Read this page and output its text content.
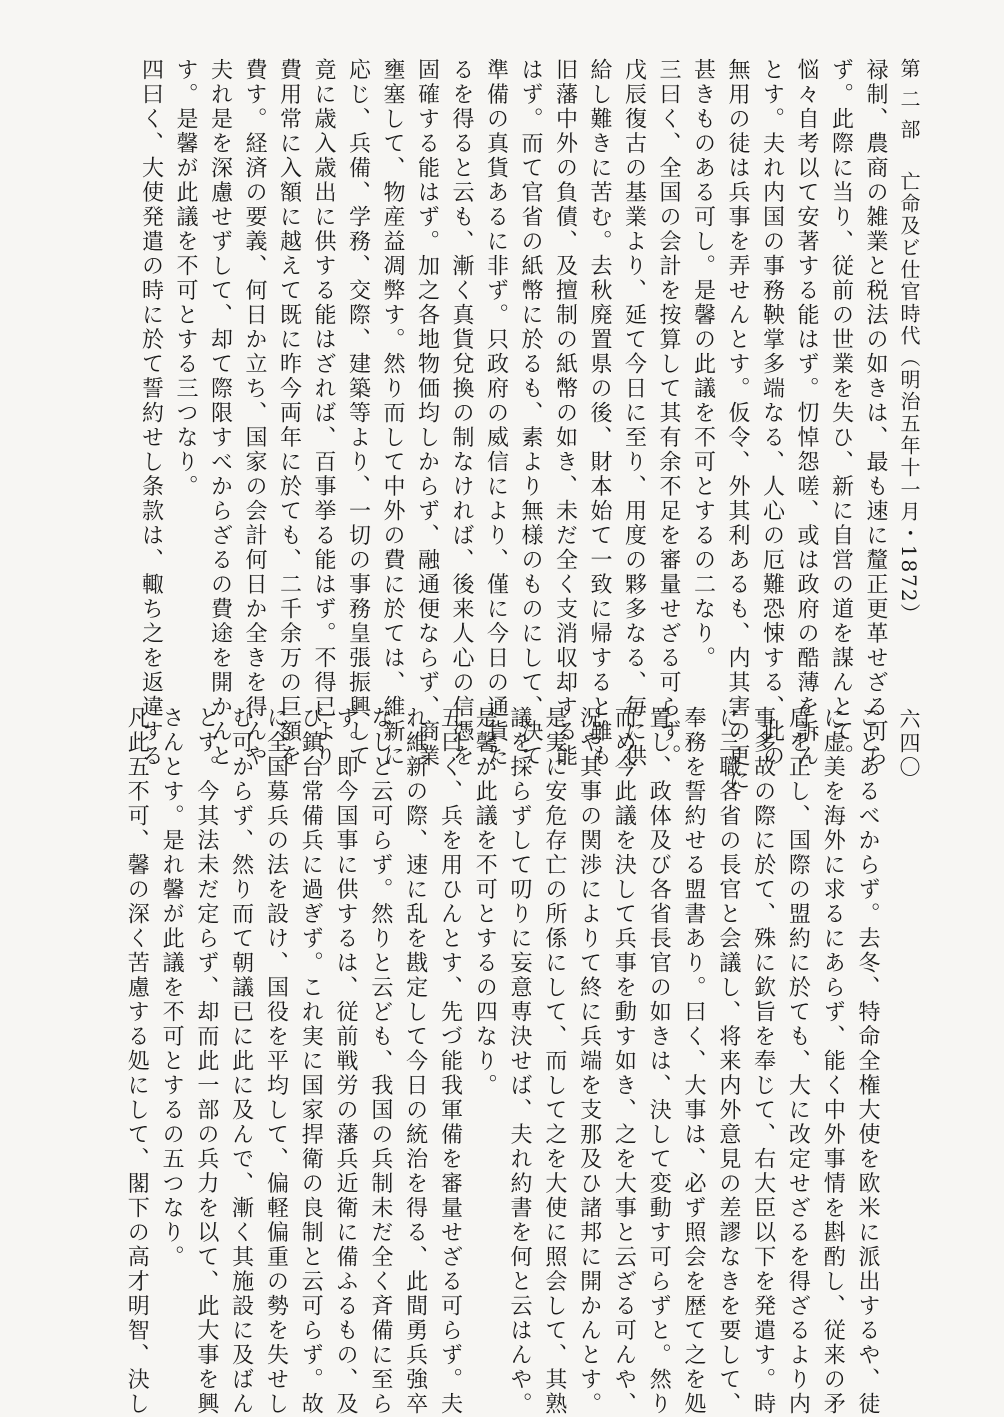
第 二 部亡命及ビ仕官時代（明治五年十一月・1872）
禄制、農商の雑業と税法の如きは、最も速に釐正更革せざる可ら
ず。此際に当り、従前の世業を失ひ、新に自営の道を謀んとて。
悩々自考以て安著する能はず。忉悼怨嗟、或は政府の酷薄を訴ん
とす。夫れ内国の事務鞅掌多端なる、人心の厄難恐悚する、此の
無用の徒は兵事を弄せんとす。仮令、外其利あるも、内其害の更に
甚きものある可し。是馨の此議を不可とするの二なり。
三曰く、全国の会計を按算して其有余不足を審量せざる可らず。
戊辰復古の基業より、延て今日に至り、用度の夥多なる、毎に供
給し難きに苦む。去秋廃置県の後、財本始て一致に帰すると雖も
旧藩中外の負債、及擅制の紙幣の如き、未だ全く支消収却する能
はず。而て官省の紙幣に於るも、素より無様のものにして、決て
準備の真貨あるに非ず。只政府の威信により、僅に今日の通貨た
るを得ると云も、漸く真貨兌換の制なければ、後来人心の信憑を
固確する能はず。加之各地物価均しからず、融通便ならず、商業
壅塞して、物産益凋弊す。然り而して中外の費に於ては、維新に
応じ、兵備、学務、交際、建築等より、一切の事務皇張振興して
竟に歳入歳出に供する能はざれば、百事挙る能はず。不得已より
費用常に入額に越えて既に昨今両年に於ても、二千余万の巨額を
費す。経済の要義、何日か立ち、国家の会計何日か全きを得んや
夫れ是を深慮せずして、却て際限すべからざるの費途を開かんと
す。是馨が此議を不可とする三つなり。
四曰く、大使発遣の時に於て誓約せし条款は、輙ち之を返違する	六四〇
ことあるべからず。去冬、特命全権大使を欧米に派出するや、徒
に虚美を海外に求るにあらず、能く中外事情を斟酌し、従来の矛
盾を正し、国際の盟約に於ても、大に改定せざるを得ざるより内
事多故の際に於て、殊に欽旨を奉じて、右大臣以下を発遣す。時
に三職各省の長官と会議し、将来内外意見の差謬なきを要して、
奉務を誓約せる盟書あり。曰く、大事は、必ず照会を歴て之を処
置し、政体及び各省長官の如きは、決して変動す可らずと。然り
而め今此議を決して兵事を動す如き、之を大事と云ざる可んや、
況や其事の関渉によりて終に兵端を支那及ひ諸邦に開かんとす。
是実に安危存亡の所係にして、而して之を大使に照会して、其熟
議を採らずして叨りに妄意専決せば、夫れ約書を何と云はんや。
是馨が此議を不可とするの四なり。
五曰く、兵を用ひんとす、先づ能我軍備を審量せざる可らず。夫
れ維新の際、速に乱を戡定して今日の統治を得る、此間勇兵強卒
なしと云可らず。然りと云ども、我国の兵制未だ全く斉備に至ら
ず。即今国事に供するは、従前戦労の藩兵近衛に備ふるもの、及
び鎮台常備兵に過ぎず。これ実に国家捍衛の良制と云可らず。故
に全国募兵の法を設け、国役を平均して、偏軽偏重の勢を失せし
む可からず、然り而て朝議已に此に及んで、漸く其施設に及ばん
とす。今其法未だ定らず、却而此一部の兵力を以て、此大事を興
さんとす。是れ馨が此議を不可とするの五つなり。
凡此五不可、馨の深く苦慮する処にして、閣下の高才明智、決し
